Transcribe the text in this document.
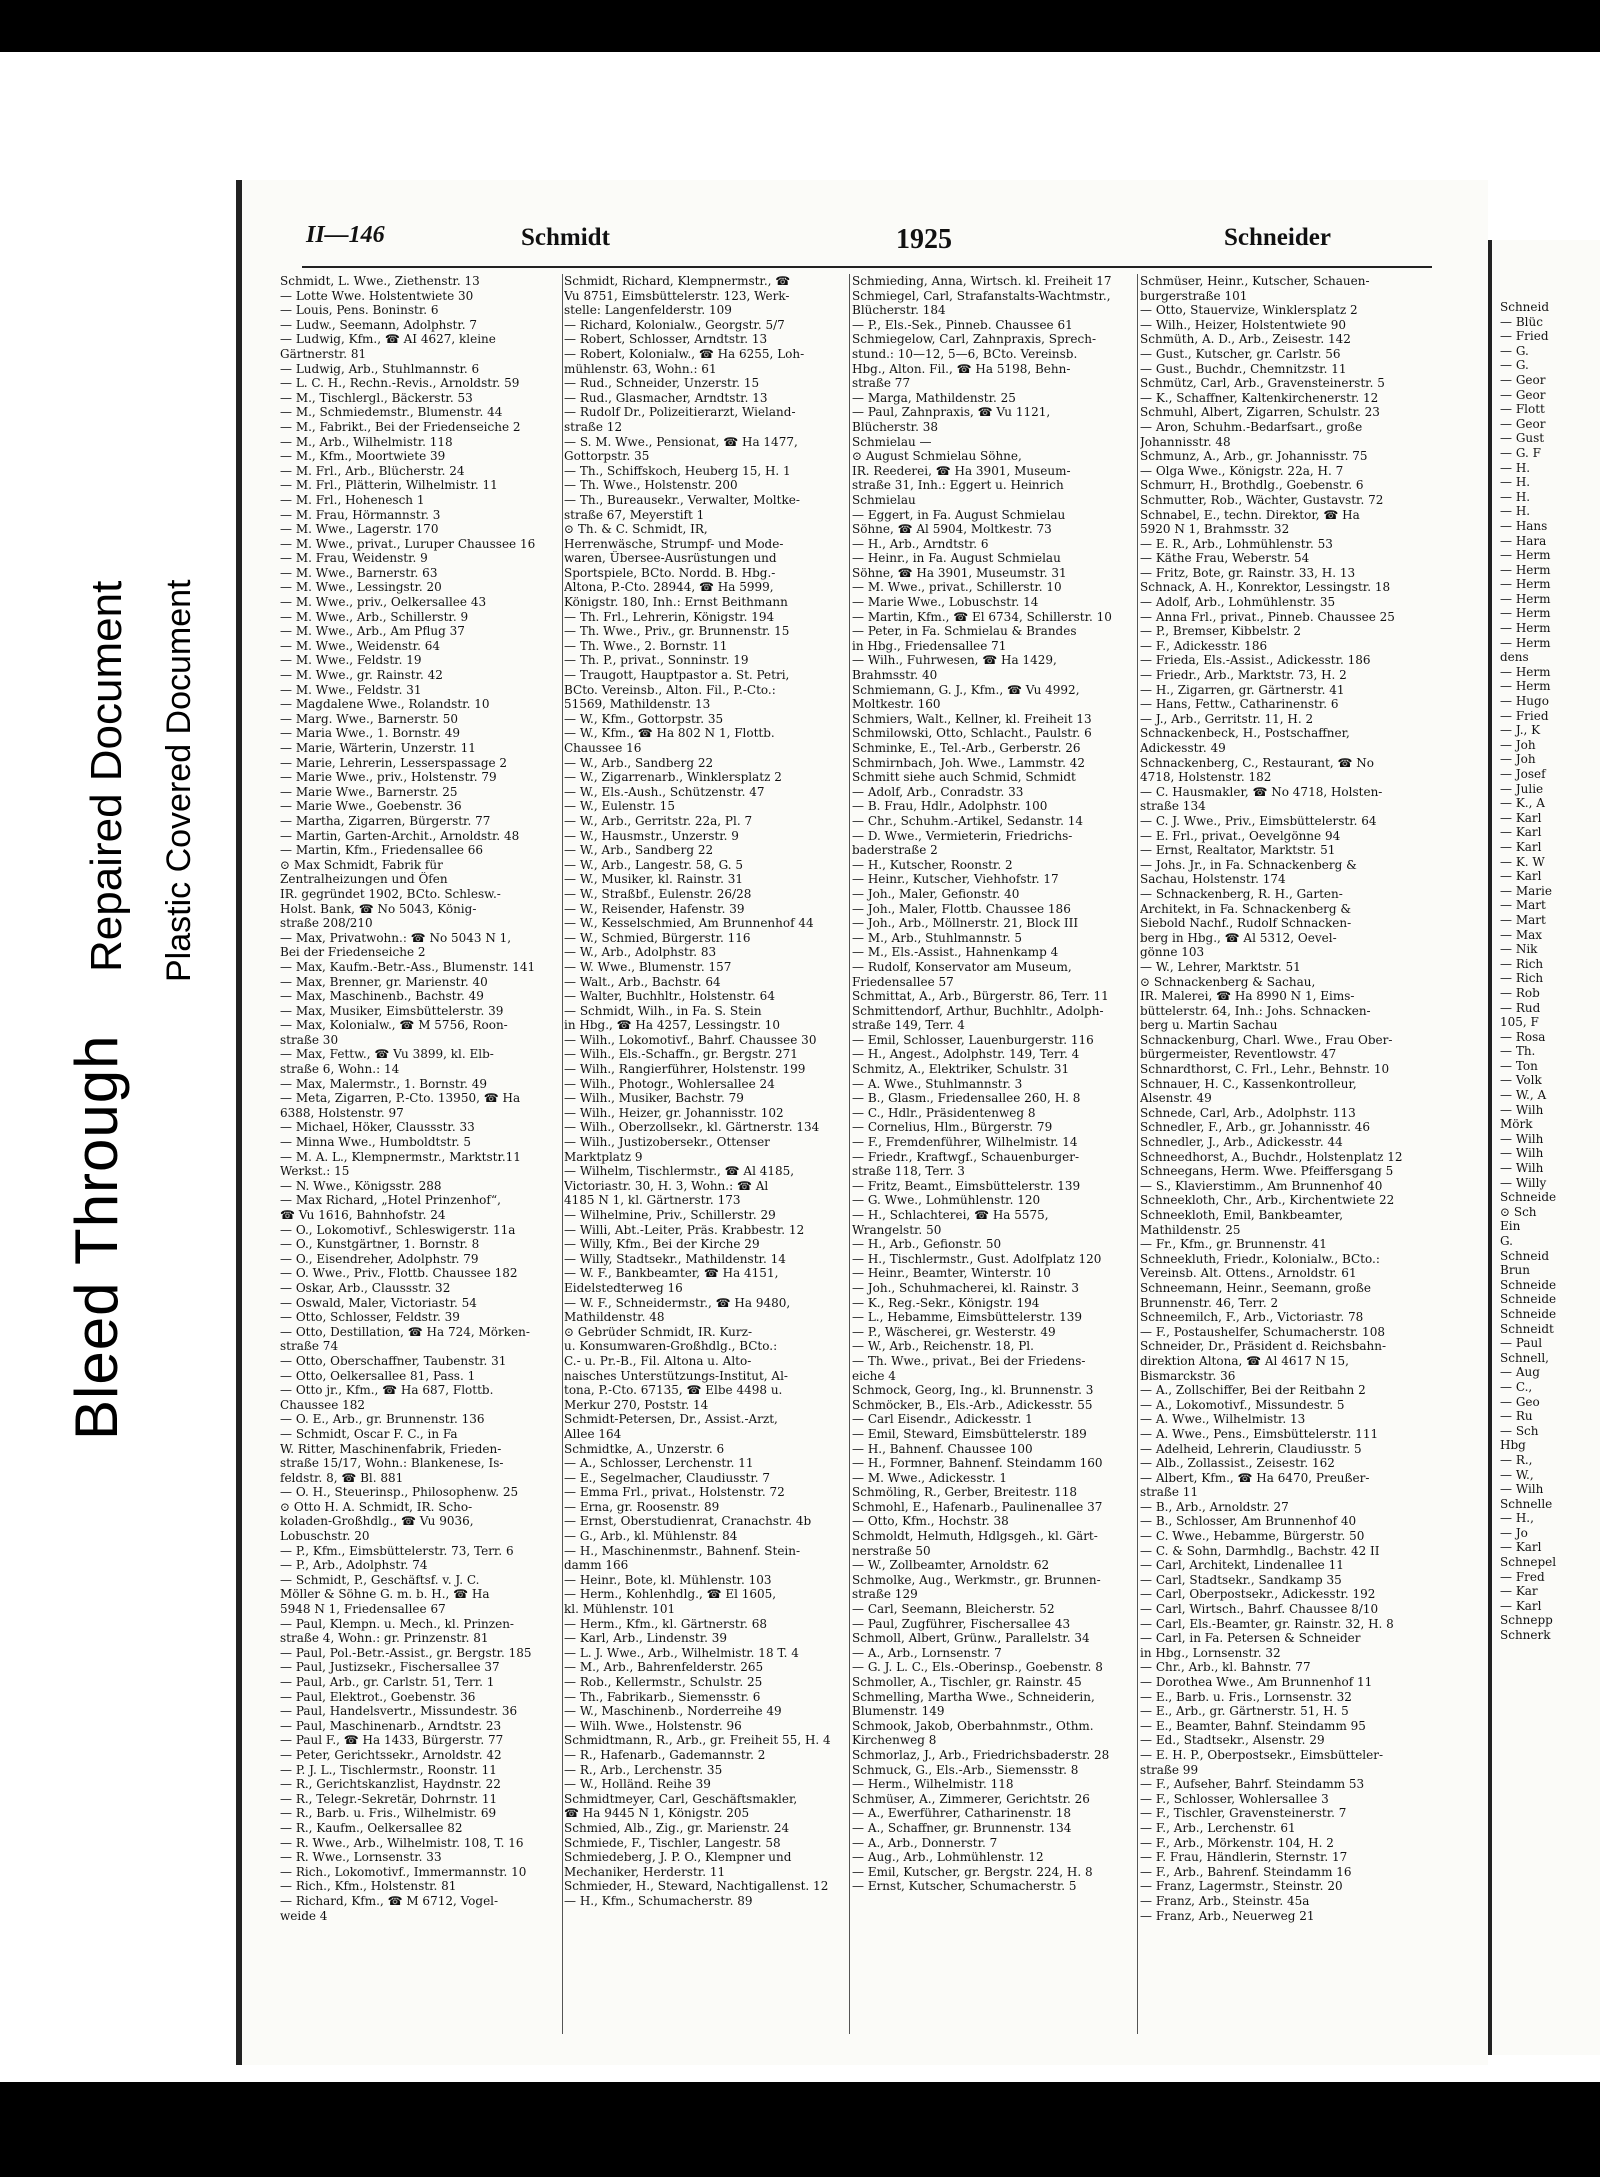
Bleed Through
Repaired Document Plastic Covered Document
II—146	Schmidt	1925	Schneider
Schmidt, L. Wwe., Ziethenstr. 13
— Lotte Wwe. Holstentwiete 30
— Louis, Pens. Boninstr. 6
— Ludw., Seemann, Adolphstr. 7
— Ludwig, Kfm., ☎ AI 4627, kleine
Gärtnerstr. 81
— Ludwig, Arb., Stuhlmannstr. 6
— L. C. H., Rechn.-Revis., Arnoldstr. 59
— M., Tischlergl., Bäckerstr. 53
— M., Schmiedemstr., Blumenstr. 44
— M., Fabrikt., Bei der Friedenseiche 2
— M., Arb., Wilhelmistr. 118
— M., Kfm., Moortwiete 39
— M. Frl., Arb., Blücherstr. 24
— M. Frl., Plätterin, Wilhelmistr. 11
— M. Frl., Hohenesch 1
— M. Frau, Hörmannstr. 3
— M. Wwe., Lagerstr. 170
— M. Wwe., privat., Luruper Chaussee 16
— M. Frau, Weidenstr. 9
— M. Wwe., Barnerstr. 63
— M. Wwe., Lessingstr. 20
— M. Wwe., priv., Oelkersallee 43
— M. Wwe., Arb., Schillerstr. 9
— M. Wwe., Arb., Am Pflug 37
— M. Wwe., Weidenstr. 64
— M. Wwe., Feldstr. 19
— M. Wwe., gr. Rainstr. 42
— M. Wwe., Feldstr. 31
— Magdalene Wwe., Rolandstr. 10
— Marg. Wwe., Barnerstr. 50
— Maria Wwe., 1. Bornstr. 49
— Marie, Wärterin, Unzerstr. 11
— Marie, Lehrerin, Lesserspassage 2
— Marie Wwe., priv., Holstenstr. 79
— Marie Wwe., Barnerstr. 25
— Marie Wwe., Goebenstr. 36
— Martha, Zigarren, Bürgerstr. 77
— Martin, Garten-Archit., Arnoldstr. 48
— Martin, Kfm., Friedensallee 66
⊙ Max Schmidt, Fabrik für
Zentralheizungen und Öfen
IR. gegründet 1902, BCto. Schlesw.-
Holst. Bank, ☎ No 5043, König-
straße 208/210
— Max, Privatwohn.: ☎ No 5043 N 1,
Bei der Friedenseiche 2
— Max, Kaufm.-Betr.-Ass., Blumenstr. 141
— Max, Brenner, gr. Marienstr. 40
— Max, Maschinenb., Bachstr. 49
— Max, Musiker, Eimsbüttelerstr. 39
— Max, Kolonialw., ☎ M 5756, Roon-
straße 30
— Max, Fettw., ☎ Vu 3899, kl. Elb-
straße 6, Wohn.: 14
— Max, Malermstr., 1. Bornstr. 49
— Meta, Zigarren, P.-Cto. 13950, ☎ Ha
6388, Holstenstr. 97
— Michael, Höker, Claussstr. 33
— Minna Wwe., Humboldtstr. 5
— M. A. L., Klempnermstr., Marktstr.11
Werkst.: 15
— N. Wwe., Königsstr. 288
— Max Richard, „Hotel Prinzenhof“,
☎ Vu 1616, Bahnhofstr. 24
— O., Lokomotivf., Schleswigerstr. 11a
— O., Kunstgärtner, 1. Bornstr. 8
— O., Eisendreher, Adolphstr. 79
— O. Wwe., Priv., Flottb. Chaussee 182
— Oskar, Arb., Claussstr. 32
— Oswald, Maler, Victoriastr. 54
— Otto, Schlosser, Feldstr. 39
— Otto, Destillation, ☎ Ha 724, Mörken-
straße 74
— Otto, Oberschaffner, Taubenstr. 31
— Otto, Oelkersallee 81, Pass. 1
— Otto jr., Kfm., ☎ Ha 687, Flottb.
Chaussee 182
— O. E., Arb., gr. Brunnenstr. 136
— Schmidt, Oscar F. C., in Fa
W. Ritter, Maschinenfabrik, Frieden-
straße 15/17, Wohn.: Blankenese, Is-
feldstr. 8, ☎ Bl. 881
— O. H., Steuerinsp., Philosophenw. 25
⊙ Otto H. A. Schmidt, IR. Scho-
koladen-Großhdlg., ☎ Vu 9036,
Lobuschstr. 20
— P., Kfm., Eimsbüttelerstr. 73, Terr. 6
— P., Arb., Adolphstr. 74
— Schmidt, P., Geschäftsf. v. J. C.
Möller & Söhne G. m. b. H., ☎ Ha
5948 N 1, Friedensallee 67
— Paul, Klempn. u. Mech., kl. Prinzen-
straße 4, Wohn.: gr. Prinzenstr. 81
— Paul, Pol.-Betr.-Assist., gr. Bergstr. 185
— Paul, Justizsekr., Fischersallee 37
— Paul, Arb., gr. Carlstr. 51, Terr. 1
— Paul, Elektrot., Goebenstr. 36
— Paul, Handelsvertr., Missundestr. 36
— Paul, Maschinenarb., Arndtstr. 23
— Paul F., ☎ Ha 1433, Bürgerstr. 77
— Peter, Gerichtssekr., Arnoldstr. 42
— P. J. L., Tischlermstr., Roonstr. 11
— R., Gerichtskanzlist, Haydnstr. 22
— R., Telegr.-Sekretär, Dohrnstr. 11
— R., Barb. u. Fris., Wilhelmistr. 69
— R., Kaufm., Oelkersallee 82
— R. Wwe., Arb., Wilhelmistr. 108, T. 16
— R. Wwe., Lornsenstr. 33
— Rich., Lokomotivf., Immermannstr. 10
— Rich., Kfm., Holstenstr. 81
— Richard, Kfm., ☎ M 6712, Vogel-
weide 4
Schmidt, Richard, Klempnermstr., ☎
Vu 8751, Eimsbüttelerstr. 123, Werk-
stelle: Langenfelderstr. 109
— Richard, Kolonialw., Georgstr. 5/7
— Robert, Schlosser, Arndtstr. 13
— Robert, Kolonialw., ☎ Ha 6255, Loh-
mühlenstr. 63, Wohn.: 61
— Rud., Schneider, Unzerstr. 15
— Rud., Glasmacher, Arndtstr. 13
— Rudolf Dr., Polizeitierarzt, Wieland-
straße 12
— S. M. Wwe., Pensionat, ☎ Ha 1477,
Gottorpstr. 35
— Th., Schiffskoch, Heuberg 15, H. 1
— Th. Wwe., Holstenstr. 200
— Th., Bureausekr., Verwalter, Moltke-
straße 67, Meyerstift 1
⊙ Th. & C. Schmidt, IR,
Herrenwäsche, Strumpf- und Mode-
waren, Übersee-Ausrüstungen und
Sportspiele, BCto. Nordd. B. Hbg.-
Altona, P.-Cto. 28944, ☎ Ha 5999,
Königstr. 180, Inh.: Ernst Beithmann
— Th. Frl., Lehrerin, Königstr. 194
— Th. Wwe., Priv., gr. Brunnenstr. 15
— Th. Wwe., 2. Bornstr. 11
— Th. P., privat., Sonninstr. 19
— Traugott, Hauptpastor a. St. Petri,
BCto. Vereinsb., Alton. Fil., P.-Cto.:
51569, Mathildenstr. 13
— W., Kfm., Gottorpstr. 35
— W., Kfm., ☎ Ha 802 N 1, Flottb.
Chaussee 16
— W., Arb., Sandberg 22
— W., Zigarrenarb., Winklersplatz 2
— W., Els.-Aush., Schützenstr. 47
— W., Eulenstr. 15
— W., Arb., Gerritstr. 22a, Pl. 7
— W., Hausmstr., Unzerstr. 9
— W., Arb., Sandberg 22
— W., Arb., Langestr. 58, G. 5
— W., Musiker, kl. Rainstr. 31
— W., Straßbf., Eulenstr. 26/28
— W., Reisender, Hafenstr. 39
— W., Kesselschmied, Am Brunnenhof 44
— W., Schmied, Bürgerstr. 116
— W., Arb., Adolphstr. 83
— W. Wwe., Blumenstr. 157
— Walt., Arb., Bachstr. 64
— Walter, Buchhltr., Holstenstr. 64
— Schmidt, Wilh., in Fa. S. Stein
in Hbg., ☎ Ha 4257, Lessingstr. 10
— Wilh., Lokomotivf., Bahrf. Chaussee 30
— Wilh., Els.-Schaffn., gr. Bergstr. 271
— Wilh., Rangierführer, Holstenstr. 199
— Wilh., Photogr., Wohlersallee 24
— Wilh., Musiker, Bachstr. 79
— Wilh., Heizer, gr. Johannisstr. 102
— Wilh., Oberzollsekr., kl. Gärtnerstr. 134
— Wilh., Justizobersekr., Ottenser
Marktplatz 9
— Wilhelm, Tischlermstr., ☎ Al 4185,
Victoriastr. 30, H. 3, Wohn.: ☎ Al
4185 N 1, kl. Gärtnerstr. 173
— Wilhelmine, Priv., Schillerstr. 29
— Willi, Abt.-Leiter, Präs. Krabbestr. 12
— Willy, Kfm., Bei der Kirche 29
— Willy, Stadtsekr., Mathildenstr. 14
— W. F., Bankbeamter, ☎ Ha 4151,
Eidelstedterweg 16
— W. F., Schneidermstr., ☎ Ha 9480,
Mathildenstr. 48
⊙ Gebrüder Schmidt, IR. Kurz-
u. Konsumwaren-Großhdlg., BCto.:
C.- u. Pr.-B., Fil. Altona u. Alto-
naisches Unterstützungs-Institut, Al-
tona, P.-Cto. 67135, ☎ Elbe 4498 u.
Merkur 270, Poststr. 14
Schmidt-Petersen, Dr., Assist.-Arzt,
Allee 164
Schmidtke, A., Unzerstr. 6
— A., Schlosser, Lerchenstr. 11
— E., Segelmacher, Claudiusstr. 7
— Emma Frl., privat., Holstenstr. 72
— Erna, gr. Roosenstr. 89
— Ernst, Oberstudienrat, Cranachstr. 4b
— G., Arb., kl. Mühlenstr. 84
— H., Maschinenmstr., Bahnenf. Stein-
damm 166
— Heinr., Bote, kl. Mühlenstr. 103
— Herm., Kohlenhdlg., ☎ El 1605,
kl. Mühlenstr. 101
— Herm., Kfm., kl. Gärtnerstr. 68
— Karl, Arb., Lindenstr. 39
— L. J. Wwe., Arb., Wilhelmistr. 18 T. 4
— M., Arb., Bahrenfelderstr. 265
— Rob., Kellermstr., Schulstr. 25
— Th., Fabrikarb., Siemensstr. 6
— W., Maschinenb., Norderreihe 49
— Wilh. Wwe., Holstenstr. 96
Schmidtmann, R., Arb., gr. Freiheit 55, H. 4
— R., Hafenarb., Gademannstr. 2
— R., Arb., Lerchenstr. 35
— W., Holländ. Reihe 39
Schmidtmeyer, Carl, Geschäftsmakler,
☎ Ha 9445 N 1, Königstr. 205
Schmied, Alb., Zig., gr. Marienstr. 24
Schmiede, F., Tischler, Langestr. 58
Schmiedeberg, J. P. O., Klempner und
Mechaniker, Herderstr. 11
Schmieder, H., Steward, Nachtigallenst. 12
— H., Kfm., Schumacherstr. 89
Schmieding, Anna, Wirtsch. kl. Freiheit 17
Schmiegel, Carl, Strafanstalts-Wachtmstr.,
Blücherstr. 184
— P., Els.-Sek., Pinneb. Chaussee 61
Schmiegelow, Carl, Zahnpraxis, Sprech-
stund.: 10—12, 5—6, BCto. Vereinsb.
Hbg., Alton. Fil., ☎ Ha 5198, Behn-
straße 77
— Marga, Mathildenstr. 25
— Paul, Zahnpraxis, ☎ Vu 1121,
Blücherstr. 38
Schmielau —
⊙ August Schmielau Söhne,
IR. Reederei, ☎ Ha 3901, Museum-
straße 31, Inh.: Eggert u. Heinrich
Schmielau
— Eggert, in Fa. August Schmielau
Söhne, ☎ Al 5904, Moltkestr. 73
— H., Arb., Arndtstr. 6
— Heinr., in Fa. August Schmielau
Söhne, ☎ Ha 3901, Museumstr. 31
— M. Wwe., privat., Schillerstr. 10
— Marie Wwe., Lobuschstr. 14
— Martin, Kfm., ☎ El 6734, Schillerstr. 10
— Peter, in Fa. Schmielau & Brandes
in Hbg., Friedensallee 71
— Wilh., Fuhrwesen, ☎ Ha 1429,
Brahmsstr. 40
Schmiemann, G. J., Kfm., ☎ Vu 4992,
Moltkestr. 160
Schmiers, Walt., Kellner, kl. Freiheit 13
Schmilowski, Otto, Schlacht., Paulstr. 6
Schminke, E., Tel.-Arb., Gerberstr. 26
Schmirnbach, Joh. Wwe., Lammstr. 42
Schmitt siehe auch Schmid, Schmidt
— Adolf, Arb., Conradstr. 33
— B. Frau, Hdlr., Adolphstr. 100
— Chr., Schuhm.-Artikel, Sedanstr. 14
— D. Wwe., Vermieterin, Friedrichs-
baderstraße 2
— H., Kutscher, Roonstr. 2
— Heinr., Kutscher, Viehhofstr. 17
— Joh., Maler, Gefionstr. 40
— Joh., Maler, Flottb. Chaussee 186
— Joh., Arb., Möllnerstr. 21, Block III
— M., Arb., Stuhlmannstr. 5
— M., Els.-Assist., Hahnenkamp 4
— Rudolf, Konservator am Museum,
Friedensallee 57
Schmittat, A., Arb., Bürgerstr. 86, Terr. 11
Schmittendorf, Arthur, Buchhltr., Adolph-
straße 149, Terr. 4
— Emil, Schlosser, Lauenburgerstr. 116
— H., Angest., Adolphstr. 149, Terr. 4
Schmitz, A., Elektriker, Schulstr. 31
— A. Wwe., Stuhlmannstr. 3
— B., Glasm., Friedensallee 260, H. 8
— C., Hdlr., Präsidentenweg 8
— Cornelius, Hlm., Bürgerstr. 79
— F., Fremdenführer, Wilhelmistr. 14
— Friedr., Kraftwgf., Schauenburger-
straße 118, Terr. 3
— Fritz, Beamt., Eimsbüttelerstr. 139
— G. Wwe., Lohmühlenstr. 120
— H., Schlachterei, ☎ Ha 5575,
Wrangelstr. 50
— H., Arb., Gefionstr. 50
— H., Tischlermstr., Gust. Adolfplatz 120
— Heinr., Beamter, Winterstr. 10
— Joh., Schuhmacherei, kl. Rainstr. 3
— K., Reg.-Sekr., Königstr. 194
— L., Hebamme, Eimsbüttelerstr. 139
— P., Wäscherei, gr. Westerstr. 49
— W., Arb., Reichenstr. 18, Pl.
— Th. Wwe., privat., Bei der Friedens-
eiche 4
Schmock, Georg, Ing., kl. Brunnenstr. 3
Schmöcker, B., Els.-Arb., Adickesstr. 55
— Carl Eisendr., Adickesstr. 1
— Emil, Steward, Eimsbüttelerstr. 189
— H., Bahnenf. Chaussee 100
— H., Formner, Bahnenf. Steindamm 160
— M. Wwe., Adickesstr. 1
Schmöling, R., Gerber, Breitestr. 118
Schmohl, E., Hafenarb., Paulinenallee 37
— Otto, Kfm., Hochstr. 38
Schmoldt, Helmuth, Hdlgsgeh., kl. Gärt-
nerstraße 50
— W., Zollbeamter, Arnoldstr. 62
Schmolke, Aug., Werkmstr., gr. Brunnen-
straße 129
— Carl, Seemann, Bleicherstr. 52
— Paul, Zugführer, Fischersallee 43
Schmoll, Albert, Grünw., Parallelstr. 34
— A., Arb., Lornsenstr. 7
— G. J. L. C., Els.-Oberinsp., Goebenstr. 8
Schmoller, A., Tischler, gr. Rainstr. 45
Schmelling, Martha Wwe., Schneiderin,
Blumenstr. 149
Schmook, Jakob, Oberbahnmstr., Othm.
Kirchenweg 8
Schmorlaz, J., Arb., Friedrichsbaderstr. 28
Schmuck, G., Els.-Arb., Siemensstr. 8
— Herm., Wilhelmistr. 118
Schmüser, A., Zimmerer, Gerichtstr. 26
— A., Ewerführer, Catharinenstr. 18
— A., Schaffner, gr. Brunnenstr. 134
— A., Arb., Donnerstr. 7
— Aug., Arb., Lohmühlenstr. 12
— Emil, Kutscher, gr. Bergstr. 224, H. 8
— Ernst, Kutscher, Schumacherstr. 5
Schmüser, Heinr., Kutscher, Schauen-
burgerstraße 101
— Otto, Stauervize, Winklersplatz 2
— Wilh., Heizer, Holstentwiete 90
Schmüth, A. D., Arb., Zeisestr. 142
— Gust., Kutscher, gr. Carlstr. 56
— Gust., Buchdr., Chemnitzstr. 11
Schmütz, Carl, Arb., Gravensteinerstr. 5
— K., Schaffner, Kaltenkirchenerstr. 12
Schmuhl, Albert, Zigarren, Schulstr. 23
— Aron, Schuhm.-Bedarfsart., große
Johannisstr. 48
Schmunz, A., Arb., gr. Johannisstr. 75
— Olga Wwe., Königstr. 22a, H. 7
Schmurr, H., Brothdlg., Goebenstr. 6
Schmutter, Rob., Wächter, Gustavstr. 72
Schnabel, E., techn. Direktor, ☎ Ha
5920 N 1, Brahmsstr. 32
— E. R., Arb., Lohmühlenstr. 53
— Käthe Frau, Weberstr. 54
— Fritz, Bote, gr. Rainstr. 33, H. 13
Schnack, A. H., Konrektor, Lessingstr. 18
— Adolf, Arb., Lohmühlenstr. 35
— Anna Frl., privat., Pinneb. Chaussee 25
— P., Bremser, Kibbelstr. 2
— F., Adickesstr. 186
— Frieda, Els.-Assist., Adickesstr. 186
— Friedr., Arb., Marktstr. 73, H. 2
— H., Zigarren, gr. Gärtnerstr. 41
— Hans, Fettw., Catharinenstr. 6
— J., Arb., Gerritstr. 11, H. 2
Schnackenbeck, H., Postschaffner,
Adickesstr. 49
Schnackenberg, C., Restaurant, ☎ No
4718, Holstenstr. 182
— C. Hausmakler, ☎ No 4718, Holsten-
straße 134
— C. J. Wwe., Priv., Eimsbüttelerstr. 64
— E. Frl., privat., Oevelgönne 94
— Ernst, Realtator, Marktstr. 51
— Johs. Jr., in Fa. Schnackenberg &
Sachau, Holstenstr. 174
— Schnackenberg, R. H., Garten-
Architekt, in Fa. Schnackenberg &
Siebold Nachf., Rudolf Schnacken-
berg in Hbg., ☎ Al 5312, Oevel-
gönne 103
— W., Lehrer, Marktstr. 51
⊙ Schnackenberg & Sachau,
IR. Malerei, ☎ Ha 8990 N 1, Eims-
büttelerstr. 64, Inh.: Johs. Schnacken-
berg u. Martin Sachau
Schnackenburg, Charl. Wwe., Frau Ober-
bürgermeister, Reventlowstr. 47
Schnardthorst, C. Frl., Lehr., Behnstr. 10
Schnauer, H. C., Kassenkontrolleur,
Alsenstr. 49
Schnede, Carl, Arb., Adolphstr. 113
Schnedler, F., Arb., gr. Johannisstr. 46
Schnedler, J., Arb., Adickesstr. 44
Schneedhorst, A., Buchdr., Holstenplatz 12
Schneegans, Herm. Wwe. Pfeiffersgang 5
— S., Klavierstimm., Am Brunnenhof 40
Schneekloth, Chr., Arb., Kirchentwiete 22
Schneekloth, Emil, Bankbeamter,
Mathildenstr. 25
— Fr., Kfm., gr. Brunnenstr. 41
Schneekluth, Friedr., Kolonialw., BCto.:
Vereinsb. Alt. Ottens., Arnoldstr. 61
Schneemann, Heinr., Seemann, große
Brunnenstr. 46, Terr. 2
Schneemilch, F., Arb., Victoriastr. 78
— F., Postaushelfer, Schumacherstr. 108
Schneider, Dr., Präsident d. Reichsbahn-
direktion Altona, ☎ Al 4617 N 15,
Bismarckstr. 36
— A., Zollschiffer, Bei der Reitbahn 2
— A., Lokomotivf., Missundestr. 5
— A. Wwe., Wilhelmistr. 13
— A. Wwe., Pens., Eimsbüttelerstr. 111
— Adelheid, Lehrerin, Claudiusstr. 5
— Alb., Zollassist., Zeisestr. 162
— Albert, Kfm., ☎ Ha 6470, Preußer-
straße 11
— B., Arb., Arnoldstr. 27
— B., Schlosser, Am Brunnenhof 40
— C. Wwe., Hebamme, Bürgerstr. 50
— C. & Sohn, Darmhdlg., Bachstr. 42 II
— Carl, Architekt, Lindenallee 11
— Carl, Stadtsekr., Sandkamp 35
— Carl, Oberpostsekr., Adickesstr. 192
— Carl, Wirtsch., Bahrf. Chaussee 8/10
— Carl, Els.-Beamter, gr. Rainstr. 32, H. 8
— Carl, in Fa. Petersen & Schneider
in Hbg., Lornsenstr. 32
— Chr., Arb., kl. Bahnstr. 77
— Dorothea Wwe., Am Brunnenhof 11
— E., Barb. u. Fris., Lornsenstr. 32
— E., Arb., gr. Gärtnerstr. 51, H. 5
— E., Beamter, Bahnf. Steindamm 95
— Ed., Stadtsekr., Alsenstr. 29
— E. H. P., Oberpostsekr., Eimsbütteler-
straße 99
— F., Aufseher, Bahrf. Steindamm 53
— F., Schlosser, Wohlersallee 3
— F., Tischler, Gravensteinerstr. 7
— F., Arb., Lerchenstr. 61
— F., Arb., Mörkenstr. 104, H. 2
— F. Frau, Händlerin, Sternstr. 17
— F., Arb., Bahrenf. Steindamm 16
— Franz, Lagermstr., Steinstr. 20
— Franz, Arb., Steinstr. 45a
— Franz, Arb., Neuerweg 21
Schneid
— Blüc
— Fried
— G.
— G.
— Geor
— Geor
— Flott
— Geor
— Gust
— G. F
— H.
— H.
— H.
— H.
— Hans
— Hara
— Herm
— Herm
— Herm
— Herm
— Herm
— Herm
— Herm
dens
— Herm
— Herm
— Hugo
— Fried
— J., K
— Joh
— Joh
— Josef
— Julie
— K., A
— Karl
— Karl
— Karl
— K. W
— Karl
— Marie
— Mart
— Mart
— Max
— Nik
— Rich
— Rich
— Rob
— Rud
105, F
— Rosa
— Th.
— Ton
— Volk
— W., A
— Wilh
Mörk
— Wilh
— Wilh
— Wilh
— Willy
Schneide
⊙ Sch
Ein
G.
Schneid
Brun
Schneide
Schneide
Schneide
Schneidt
— Paul
Schnell,
— Aug
— C.,
— Geo
— Ru
— Sch
Hbg
— R.,
— W.,
— Wilh
Schnelle
— H.,
— Jo
— Karl
Schnepel
— Fred
— Kar
— Karl
Schnepp
Schnerk
